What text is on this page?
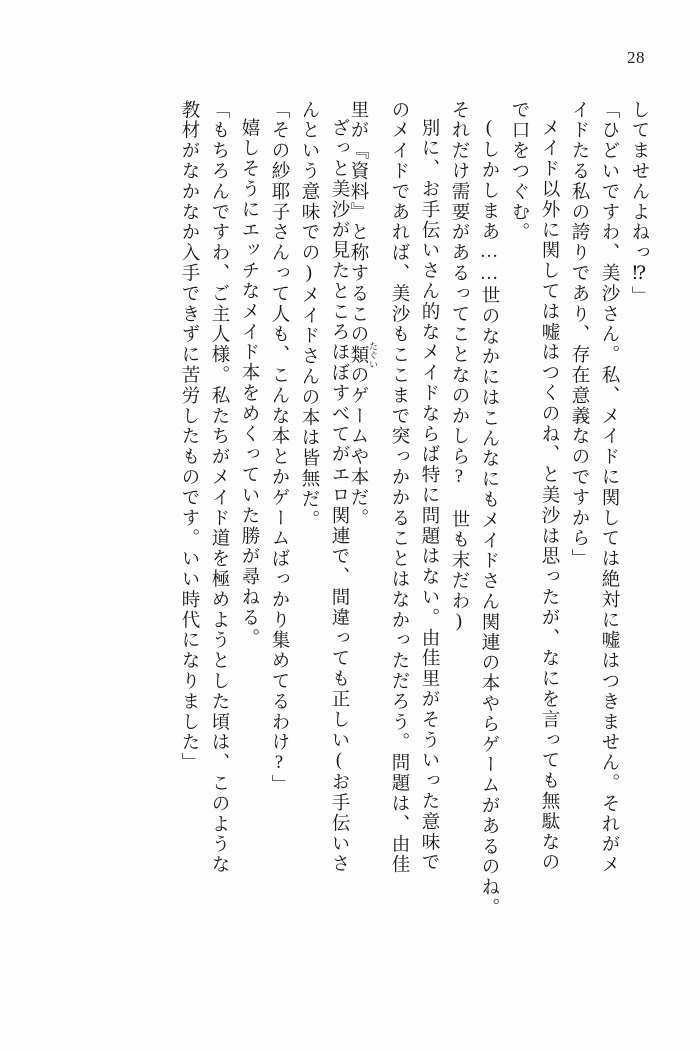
28
してませんよねっ⁉」
「ひどいですわ、美沙さん。私、メイドに関しては絶対に嘘はつきません。それがメ
イドたる私の誇りであり、存在意義なのですから」
メイド以外に関しては嘘はつくのね、と美沙は思ったが、なにを言っても無駄なの
で口をつぐむ。
(しかしまあ……世のなかにはこんなにもメイドさん関連の本やらゲームがあるのね。
それだけ需要があるってことなのかしら?　世も末だわ)
別に、お手伝いさん的なメイドならば特に問題はない。由佳里がそういった意味で
のメイドであれば、美沙もここまで突っかかることはなかっただろう。問題は、由佳
里が『資料』と称するこの類 たぐいのゲームや本だ。
ざっと美沙が見たところほぼすべてがエロ関連で、間違っても正しい(お手伝いさ
んという意味での)メイドさんの本は皆無だ。
「その紗耶子さんって人も、こんな本とかゲームばっかり集めてるわけ?」
嬉しそうにエッチなメイド本をめくっていた勝が尋ねる。
「もちろんですわ、ご主人様。私たちがメイド道を極めようとした頃は、このような
教材がなかなか入手できずに苦労したものです。いい時代になりました」
